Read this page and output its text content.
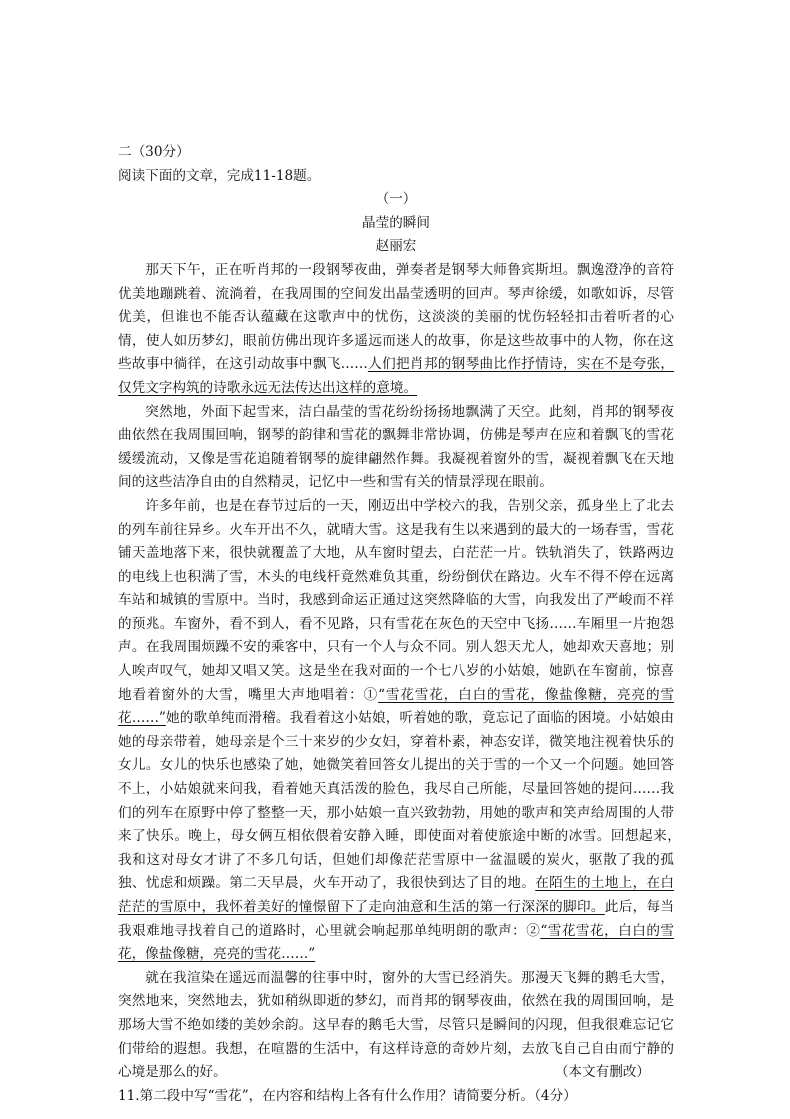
二（30分）
阅读下面的文章，完成11-18题。
（一）
晶莹的瞬间
赵丽宏

那天下午，正在听肖邦的一段钢琴夜曲，弹奏者是钢琴大师鲁宾斯坦。飘逸澄净的音符优美地蹦跳着、流淌着，在我周围的空间发出晶莹透明的回声。琴声徐缓，如歌如诉，尽管优美，但谁也不能否认蕴藏在这歌声中的忧伤，这淡淡的美丽的忧伤轻轻扣击着听者的心情，使人如历梦幻，眼前仿佛出现许多遥远而迷人的故事，你是这些故事中的人物，你在这些故事中徜徉，在这引动故事中飘飞……人们把肖邦的钢琴曲比作抒情诗，实在不是夸张，仅凭文字构筑的诗歌永远无法传达出这样的意境。

突然地，外面下起雪来，洁白晶莹的雪花纷纷扬扬地飘满了天空。此刻，肖邦的钢琴夜曲依然在我周围回响，钢琴的韵律和雪花的飘舞非常协调，仿佛是琴声在应和着飘飞的雪花缓缓流动，又像是雪花追随着钢琴的旋律翩然作舞。我凝视着窗外的雪，凝视着飘飞在天地间的这些洁净自由的自然精灵，记忆中一些和雪有关的情景浮现在眼前。

许多年前，也是在春节过后的一天，刚迈出中学校六的我，告别父亲，孤身坐上了北去的列车前往异乡。火车开出不久，就晴大雪。这是我有生以来遇到的最大的一场春雪，雪花铺天盖地落下来，很快就覆盖了大地，从车窗时望去，白茫茫一片。铁轨消失了，铁路两边的电线上也积满了雪，木头的电线杆竟然难负其重，纷纷倒伏在路边。火车不得不停在远离车站和城镇的雪原中。当时，我感到命运正通过这突然降临的大雪，向我发出了严峻而不祥的预兆。车窗外，看不到人，看不见路，只有雪花在灰色的天空中飞扬……车厢里一片抱怨声。在我周围烦躁不安的乘客中，只有一个人与众不同。别人怨天尤人，她却欢天喜地；别人唉声叹气，她却又唱又笑。这是坐在我对面的一个七八岁的小姑娘，她趴在车窗前，惊喜地看着窗外的大雪，嘴里大声地唱着：①“雪花雪花，白白的雪花，像盐像糖，亮亮的雪花……”她的歌单纯而滑稽。我看着这小姑娘，听着她的歌，竟忘记了面临的困境。小姑娘由她的母亲带着，她母亲是个三十来岁的少女妇，穿着朴素，神态安详，微笑地注视着快乐的女儿。女儿的快乐也感染了她，她微笑着回答女儿提出的关于雪的一个又一个问题。她回答不上，小姑娘就来问我，看着她天真活泼的脸色，我尽自己所能，尽量回答她的提问……我们的列车在原野中停了整整一天，那小姑娘一直兴致勃勃，用她的歌声和笑声给周围的人带来了快乐。晚上，母女俩互相依偎着安静入睡，即使面对着使旅途中断的冰雪。回想起来，　我和这对母女才讲了不多几句话，但她们却像茫茫雪原中一盆温暖的炭火，驱散了我的孤独、忧虑和烦躁。第二天早晨，火车开动了，我很快到达了目的地。在陌生的土地上，在白茫茫的雪原中，我怀着美好的憧憬留下了走向油意和生活的第一行深深的脚印。此后，每当我艰难地寻找着自己的道路时，心里就会响起那单纯明朗的歌声：②“雪花雪花，白白的雪花，像盐像糖，亮亮的雪花……”

就在我渲染在遥远而温馨的往事中时，窗外的大雪已经消失。那漫天飞舞的鹅毛大雪，突然地来，突然地去，犹如稍纵即逝的梦幻，而肖邦的钢琴夜曲，依然在我的周围回响，是那场大雪不绝如缕的美妙余韵。这早春的鹅毛大雪，尽管只是瞬间的闪现，但我很难忘记它们带给的遐想。我想，在喧嚣的生活中，有这样诗意的奇妙片刻，去放飞自己自由而宁静的心境是那么的好。	（本文有删改）

11.第二段中写“雪花”，在内容和结构上各有什么作用？请简要分析。（4分）
